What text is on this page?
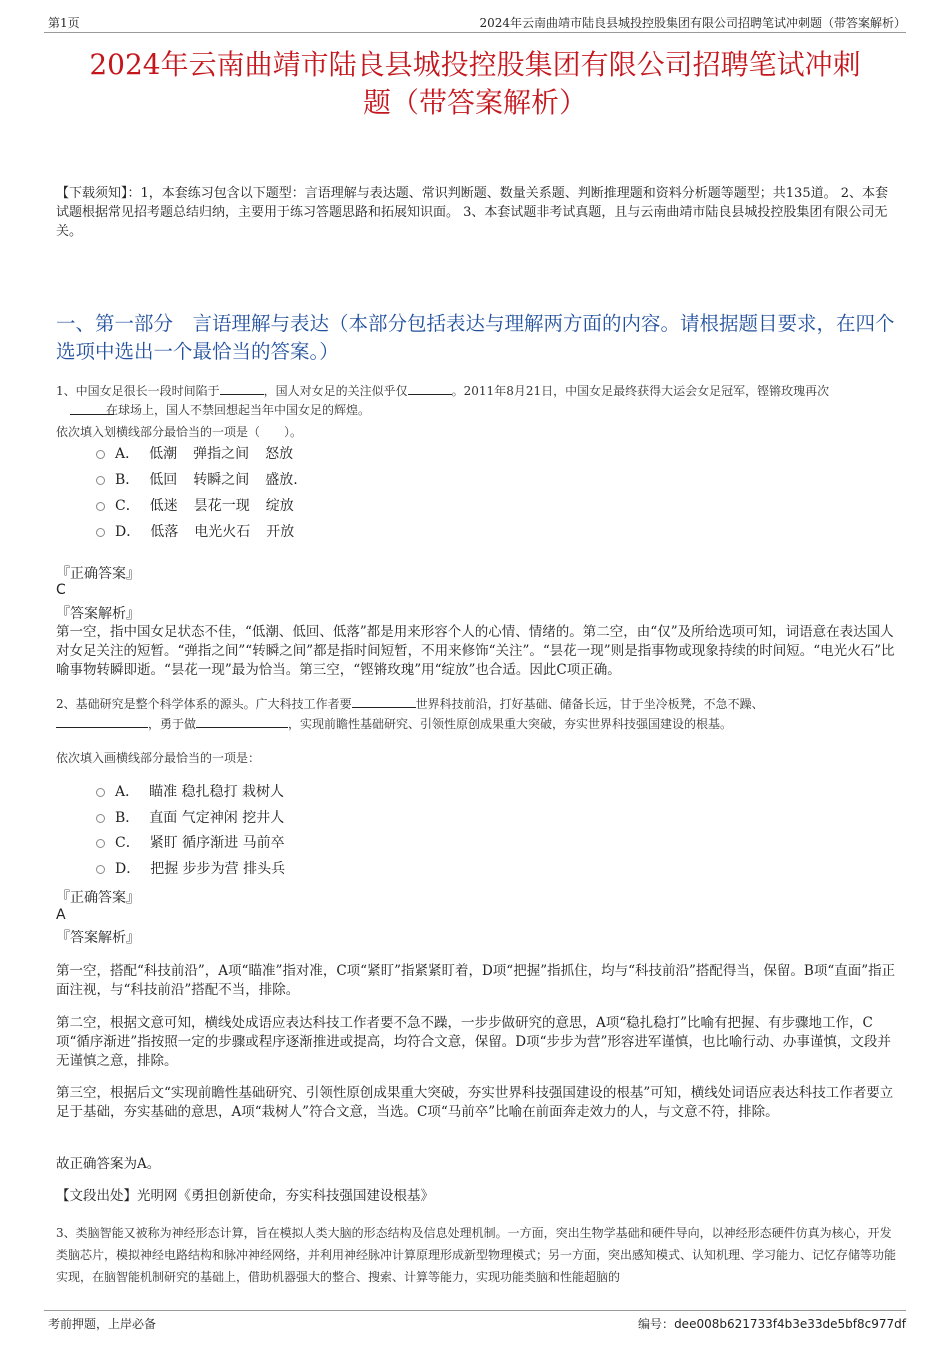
第1页	2024年云南曲靖市陆良县城投控股集团有限公司招聘笔试冲刺题（带答案解析）
2024年云南曲靖市陆良县城投控股集团有限公司招聘笔试冲刺
题（带答案解析）
【下载须知】：1，本套练习包含以下题型：言语理解与表达题、常识判断题、数量关系题、判断推理题和资料分析题等题型；共135道。 2、本套试题根据常见招考题总结归纳，主要用于练习答题思路和拓展知识面。 3、本套试题非考试真题，且与云南曲靖市陆良县城投控股集团有限公司无关。
一、第一部分　言语理解与表达（本部分包括表达与理解两方面的内容。请根据题目要求，在四个选项中选出一个最恰当的答案。）
1、中国女足很长一段时间陷于	，国人对女足的关注似乎仅	。2011年8月21日，中国女足最终获得大运会女足冠军，铿锵玫瑰再次
在球场上，国人不禁回想起当年中国女足的辉煌。
依次填入划横线部分最恰当的一项是（　　）。
A． 低潮 弹指之间 怒放
B． 低回 转瞬之间 盛放.
C． 低迷 昙花一现 绽放
D． 低落 电光火石 开放
『正确答案』
C
『答案解析』
第一空，指中国女足状态不佳，“低潮、低回、低落”都是用来形容个人的心情、情绪的。第二空，由“仅”及所给选项可知，词语意在表达国人对女足关注的短暂。“弹指之间”“转瞬之间”都是指时间短暂，不用来修饰“关注”。“昙花一现”则是指事物或现象持续的时间短。“电光火石”比喻事物转瞬即逝。“昙花一现”最为恰当。第三空，“铿锵玫瑰”用“绽放”也合适。因此C项正确。
2、基础研究是整个科学体系的源头。广大科技工作者要	世界科技前沿，打好基础、储备长远，甘于坐冷板凳，不急不躁、
，勇于做	，实现前瞻性基础研究、引领性原创成果重大突破，夯实世界科技强国建设的根基。
依次填入画横线部分最恰当的一项是：
A． 瞄准 稳扎稳打 栽树人
B． 直面 气定神闲 挖井人
C． 紧盯 循序渐进 马前卒
D． 把握 步步为营 排头兵
『正确答案』
A
『答案解析』
第一空，搭配“科技前沿”，A项“瞄准”指对准，C项“紧盯”指紧紧盯着，D项“把握”指抓住，均与“科技前沿”搭配得当，保留。B项“直面”指正面注视，与“科技前沿”搭配不当，排除。
第二空，根据文意可知，横线处成语应表达科技工作者要不急不躁，一步步做研究的意思，A项“稳扎稳打”比喻有把握、有步骤地工作，C项“循序渐进”指按照一定的步骤或程序逐渐推进或提高，均符合文意，保留。D项“步步为营”形容进军谨慎，也比喻行动、办事谨慎，文段并无谨慎之意，排除。
第三空，根据后文“实现前瞻性基础研究、引领性原创成果重大突破，夯实世界科技强国建设的根基”可知，横线处词语应表达科技工作者要立足于基础，夯实基础的意思，A项“栽树人”符合文意，当选。C项“马前卒”比喻在前面奔走效力的人，与文意不符，排除。
故正确答案为A。
【文段出处】光明网《勇担创新使命，夯实科技强国建设根基》
3、类脑智能又被称为神经形态计算，旨在模拟人类大脑的形态结构及信息处理机制。一方面，突出生物学基础和硬件导向，以神经形态硬件仿真为核心，开发类脑芯片，模拟神经电路结构和脉冲神经网络，并利用神经脉冲计算原理形成新型物理模式；另一方面，突出感知模式、认知机理、学习能力、记忆存储等功能实现，在脑智能机制研究的基础上，借助机器强大的整合、搜索、计算等能力，实现功能类脑和性能超脑的
考前押题，上岸必备	编号：dee008b621733f4b3e33de5bf8c977df
